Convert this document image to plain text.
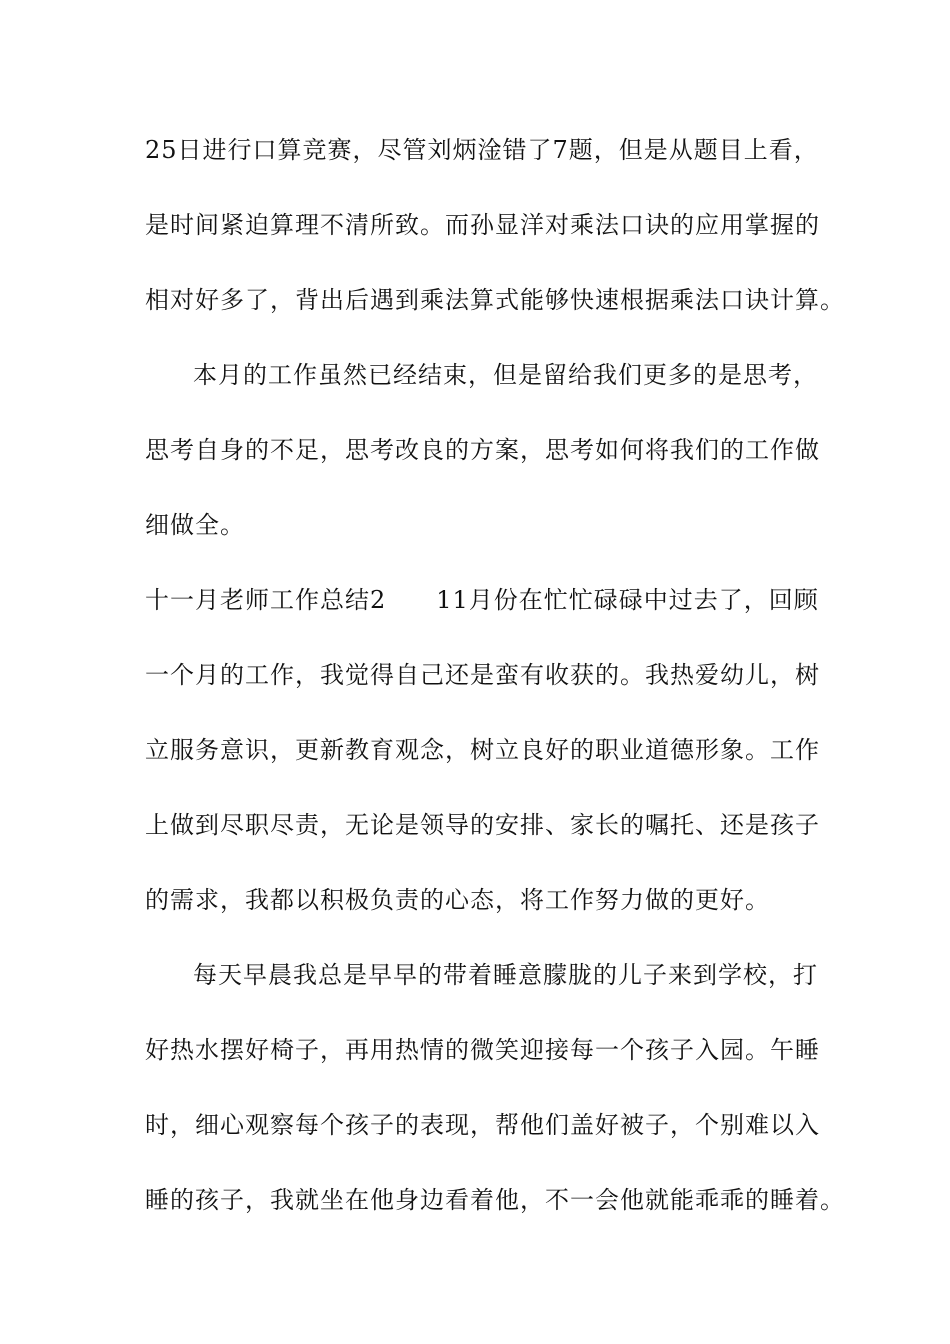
25日进行口算竞赛，尽管刘炳淦错了7题，但是从题目上看，
是时间紧迫算理不清所致。而孙显洋对乘法口诀的应用掌握的
相对好多了，背出后遇到乘法算式能够快速根据乘法口诀计算。
本月的工作虽然已经结束，但是留给我们更多的是思考，
思考自身的不足，思考改良的方案，思考如何将我们的工作做
细做全。
十一月老师工作总结2　　11月份在忙忙碌碌中过去了，回顾
一个月的工作，我觉得自己还是蛮有收获的。我热爱幼儿，树
立服务意识，更新教育观念，树立良好的职业道德形象。工作
上做到尽职尽责，无论是领导的安排、家长的嘱托、还是孩子
的需求，我都以积极负责的心态，将工作努力做的更好。
每天早晨我总是早早的带着睡意朦胧的儿子来到学校，打
好热水摆好椅子，再用热情的微笑迎接每一个孩子入园。午睡
时，细心观察每个孩子的表现，帮他们盖好被子，个别难以入
睡的孩子，我就坐在他身边看着他，不一会他就能乖乖的睡着。
